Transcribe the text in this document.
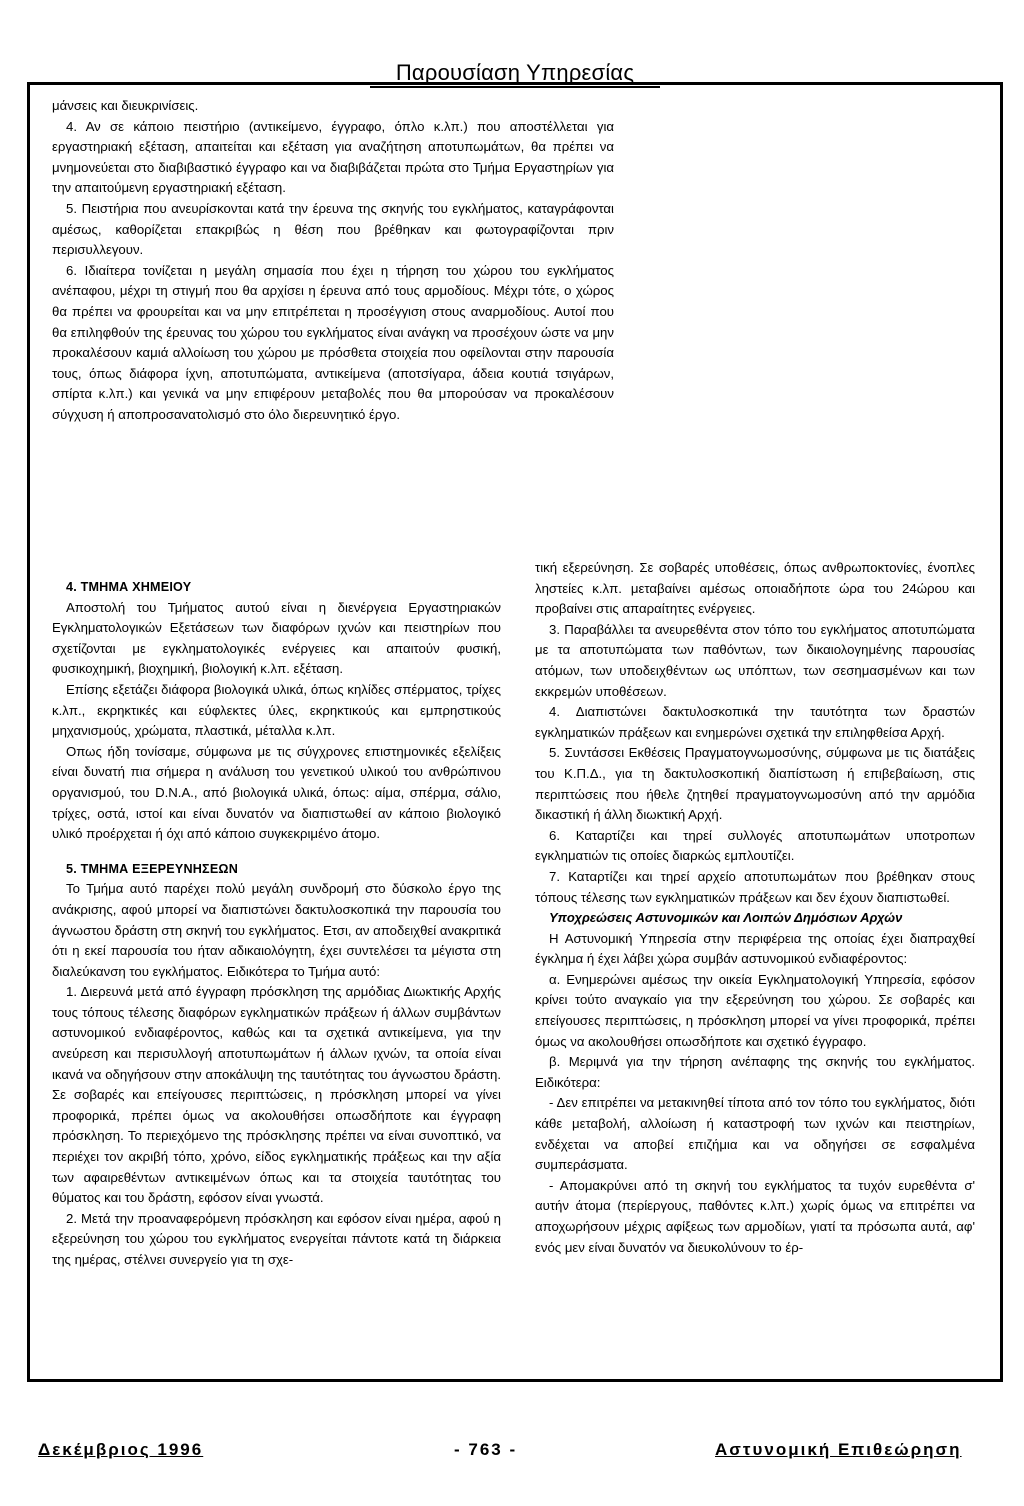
Παρουσίαση Υπηρεσίας

μάνσεις και διευκρινίσεις.

4. Αν σε κάποιο πειστήριο (αντικείμενο, έγγραφο, όπλο κ.λπ.) που αποστέλλεται για εργαστηριακή εξέταση, απαιτείται και εξέταση για αναζήτηση αποτυπωμάτων, θα πρέπει να μνημονεύεται στο διαβιβαστικό έγγραφο και να διαβιβάζεται πρώτα στο Τμήμα Εργαστηρίων για την απαιτούμενη εργαστηριακή εξέταση.

5. Πειστήρια που ανευρίσκονται κατά την έρευνα της σκηνής του εγκλήματος, καταγράφονται αμέσως, καθορίζεται επακριβώς η θέση που βρέθηκαν και φωτογραφίζονται πριν περισυλλεγουν.

6. Ιδιαίτερα τονίζεται η μεγάλη σημασία που έχει η τήρηση του χώρου του εγκλήματος ανέπαφου, μέχρι τη στιγμή που θα αρχίσει η έρευνα από τους αρμοδίους. Μέχρι τότε, ο χώρος θα πρέπει να φρουρείται και να μην επιτρέπεται η προσέγγιση στους αναρμοδίους. Αυτοί που θα επιληφθούν της έρευνας του χώρου του εγκλήματος είναι ανάγκη να προσέχουν ώστε να μην προκαλέσουν καμιά αλλοίωση του χώρου με πρόσθετα στοιχεία που οφείλονται στην παρουσία τους, όπως διάφορα ίχνη, αποτυπώματα, αντικείμενα (αποτσίγαρα, άδεια κουτιά τσιγάρων, σπίρτα κ.λπ.) και γενικά να μην επιφέρουν μεταβολές που θα μπορούσαν να προκαλέσουν σύγχυση ή αποπροσανατολισμό στο όλο διερευνητικό έργο.

4. ΤΜΗΜΑ ΧΗΜΕΙΟΥ

Αποστολή του Τμήματος αυτού είναι η διενέργεια Εργαστηριακών Εγκληματολογικών Εξετάσεων των διαφόρων ιχνών και πειστηρίων που σχετίζονται με εγκληματολογικές ενέργειες και απαιτούν φυσική, φυσικοχημική, βιοχημική, βιολογική κ.λπ. εξέταση.

Επίσης εξετάζει διάφορα βιολογικά υλικά, όπως κηλίδες σπέρματος, τρίχες κ.λπ., εκρηκτικές και εύφλεκτες ύλες, εκρηκτικούς και εμπρηστικούς μηχανισμούς, χρώματα, πλαστικά, μέταλλα κ.λπ.

Οπως ήδη τονίσαμε, σύμφωνα με τις σύγχρονες επιστημονικές εξελίξεις είναι δυνατή πια σήμερα η ανάλυση του γενετικού υλικού του ανθρώπινου οργανισμού, του D.N.A., από βιολογικά υλικά, όπως: αίμα, σπέρμα, σάλιο, τρίχες, οστά, ιστοί και είναι δυνατόν να διαπιστωθεί αν κάποιο βιολογικό υλικό προέρχεται ή όχι από κάποιο συγκεκριμένο άτομο.

5. ΤΜΗΜΑ ΕΞΕΡΕΥΝΗΣΕΩΝ

Το Τμήμα αυτό παρέχει πολύ μεγάλη συνδρομή στο δύσκολο έργο της ανάκρισης, αφού μπορεί να διαπιστώνει δακτυλοσκοπικά την παρουσία του άγνωστου δράστη στη σκηνή του εγκλήματος. Ετσι, αν αποδειχθεί ανακριτικά ότι η εκεί παρουσία του ήταν αδικαιολόγητη, έχει συντελέσει τα μέγιστα στη διαλεύκανση του εγκλήματος. Ειδικότερα το Τμήμα αυτό:

1. Διερευνά μετά από έγγραφη πρόσκληση της αρμόδιας Διωκτικής Αρχής τους τόπους τέλεσης διαφόρων εγκληματικών πράξεων ή άλλων συμβάντων αστυνομικού ενδιαφέροντος, καθώς και τα σχετικά αντικείμενα, για την ανεύρεση και περισυλλογή αποτυπωμάτων ή άλλων ιχνών, τα οποία είναι ικανά να οδηγήσουν στην αποκάλυψη της ταυτότητας του άγνωστου δράστη. Σε σοβαρές και επείγουσες περιπτώσεις, η πρόσκληση μπορεί να γίνει προφορικά, πρέπει όμως να ακολουθήσει οπωσδήποτε και έγγραφη πρόσκληση. Το περιεχόμενο της πρόσκλησης πρέπει να είναι συνοπτικό, να περιέχει τον ακριβή τόπο, χρόνο, είδος εγκληματικής πράξεως και την αξία των αφαιρεθέντων αντικειμένων όπως και τα στοιχεία ταυτότητας του θύματος και του δράστη, εφόσον είναι γνωστά.

2. Μετά την προαναφερόμενη πρόσκληση και εφόσον είναι ημέρα, αφού η εξερεύνηση του χώρου του εγκλήματος ενεργείται πάντοτε κατά τη διάρκεια της ημέρας, στέλνει συνεργείο για τη σχε-

τική εξερεύνηση. Σε σοβαρές υποθέσεις, όπως ανθρωποκτονίες, ένοπλες ληστείες κ.λπ. μεταβαίνει αμέσως οποιαδήποτε ώρα του 24ώρου και προβαίνει στις απαραίτητες ενέργειες.

3. Παραβάλλει τα ανευρεθέντα στον τόπο του εγκλήματος αποτυπώματα με τα αποτυπώματα των παθόντων, των δικαιολογημένης παρουσίας ατόμων, των υποδειχθέντων ως υπόπτων, των σεσημασμένων και των εκκρεμών υποθέσεων.

4. Διαπιστώνει δακτυλοσκοπικά την ταυτότητα των δραστών εγκληματικών πράξεων και ενημερώνει σχετικά την επιληφθείσα Αρχή.

5. Συντάσσει Εκθέσεις Πραγματογνωμοσύνης, σύμφωνα με τις διατάξεις του Κ.Π.Δ., για τη δακτυλοσκοπική διαπίστωση ή επιβεβαίωση, στις περιπτώσεις που ήθελε ζητηθεί πραγματογνωμοσύνη από την αρμόδια δικαστική ή άλλη διωκτική Αρχή.

6. Καταρτίζει και τηρεί συλλογές αποτυπωμάτων υποτροπων εγκληματιών τις οποίες διαρκώς εμπλουτίζει.

7. Καταρτίζει και τηρεί αρχείο αποτυπωμάτων που βρέθηκαν στους τόπους τέλεσης των εγκληματικών πράξεων και δεν έχουν διαπιστωθεί.

Υποχρεώσεις Αστυνομικών και Λοιπών Δημόσιων Αρχών

Η Αστυνομική Υπηρεσία στην περιφέρεια της οποίας έχει διαπραχθεί έγκλημα ή έχει λάβει χώρα συμβάν αστυνομικού ενδιαφέροντος:

α. Ενημερώνει αμέσως την οικεία Εγκληματολογική Υπηρεσία, εφόσον κρίνει τούτο αναγκαίο για την εξερεύνηση του χώρου. Σε σοβαρές και επείγουσες περιπτώσεις, η πρόσκληση μπορεί να γίνει προφορικά, πρέπει όμως να ακολουθήσει οπωσδήποτε και σχετικό έγγραφο.

β. Μεριμνά για την τήρηση ανέπαφης της σκηνής του εγκλήματος. Ειδικότερα:

- Δεν επιτρέπει να μετακινηθεί τίποτα από τον τόπο του εγκλήματος, διότι κάθε μεταβολή, αλλοίωση ή καταστροφή των ιχνών και πειστηρίων, ενδέχεται να αποβεί επιζήμια και να οδηγήσει σε εσφαλμένα συμπεράσματα.

- Απομακρύνει από τη σκηνή του εγκλήματος τα τυχόν ευρεθέντα σ' αυτήν άτομα (περίεργους, παθόντες κ.λπ.) χωρίς όμως να επιτρέπει να αποχωρήσουν μέχρις αφίξεως των αρμοδίων, γιατί τα πρόσωπα αυτά, αφ' ενός μεν είναι δυνατόν να διευκολύνουν το έρ-

Δεκέμβριος 1996	- 763 -	Αστυνομική Επιθεώρηση
